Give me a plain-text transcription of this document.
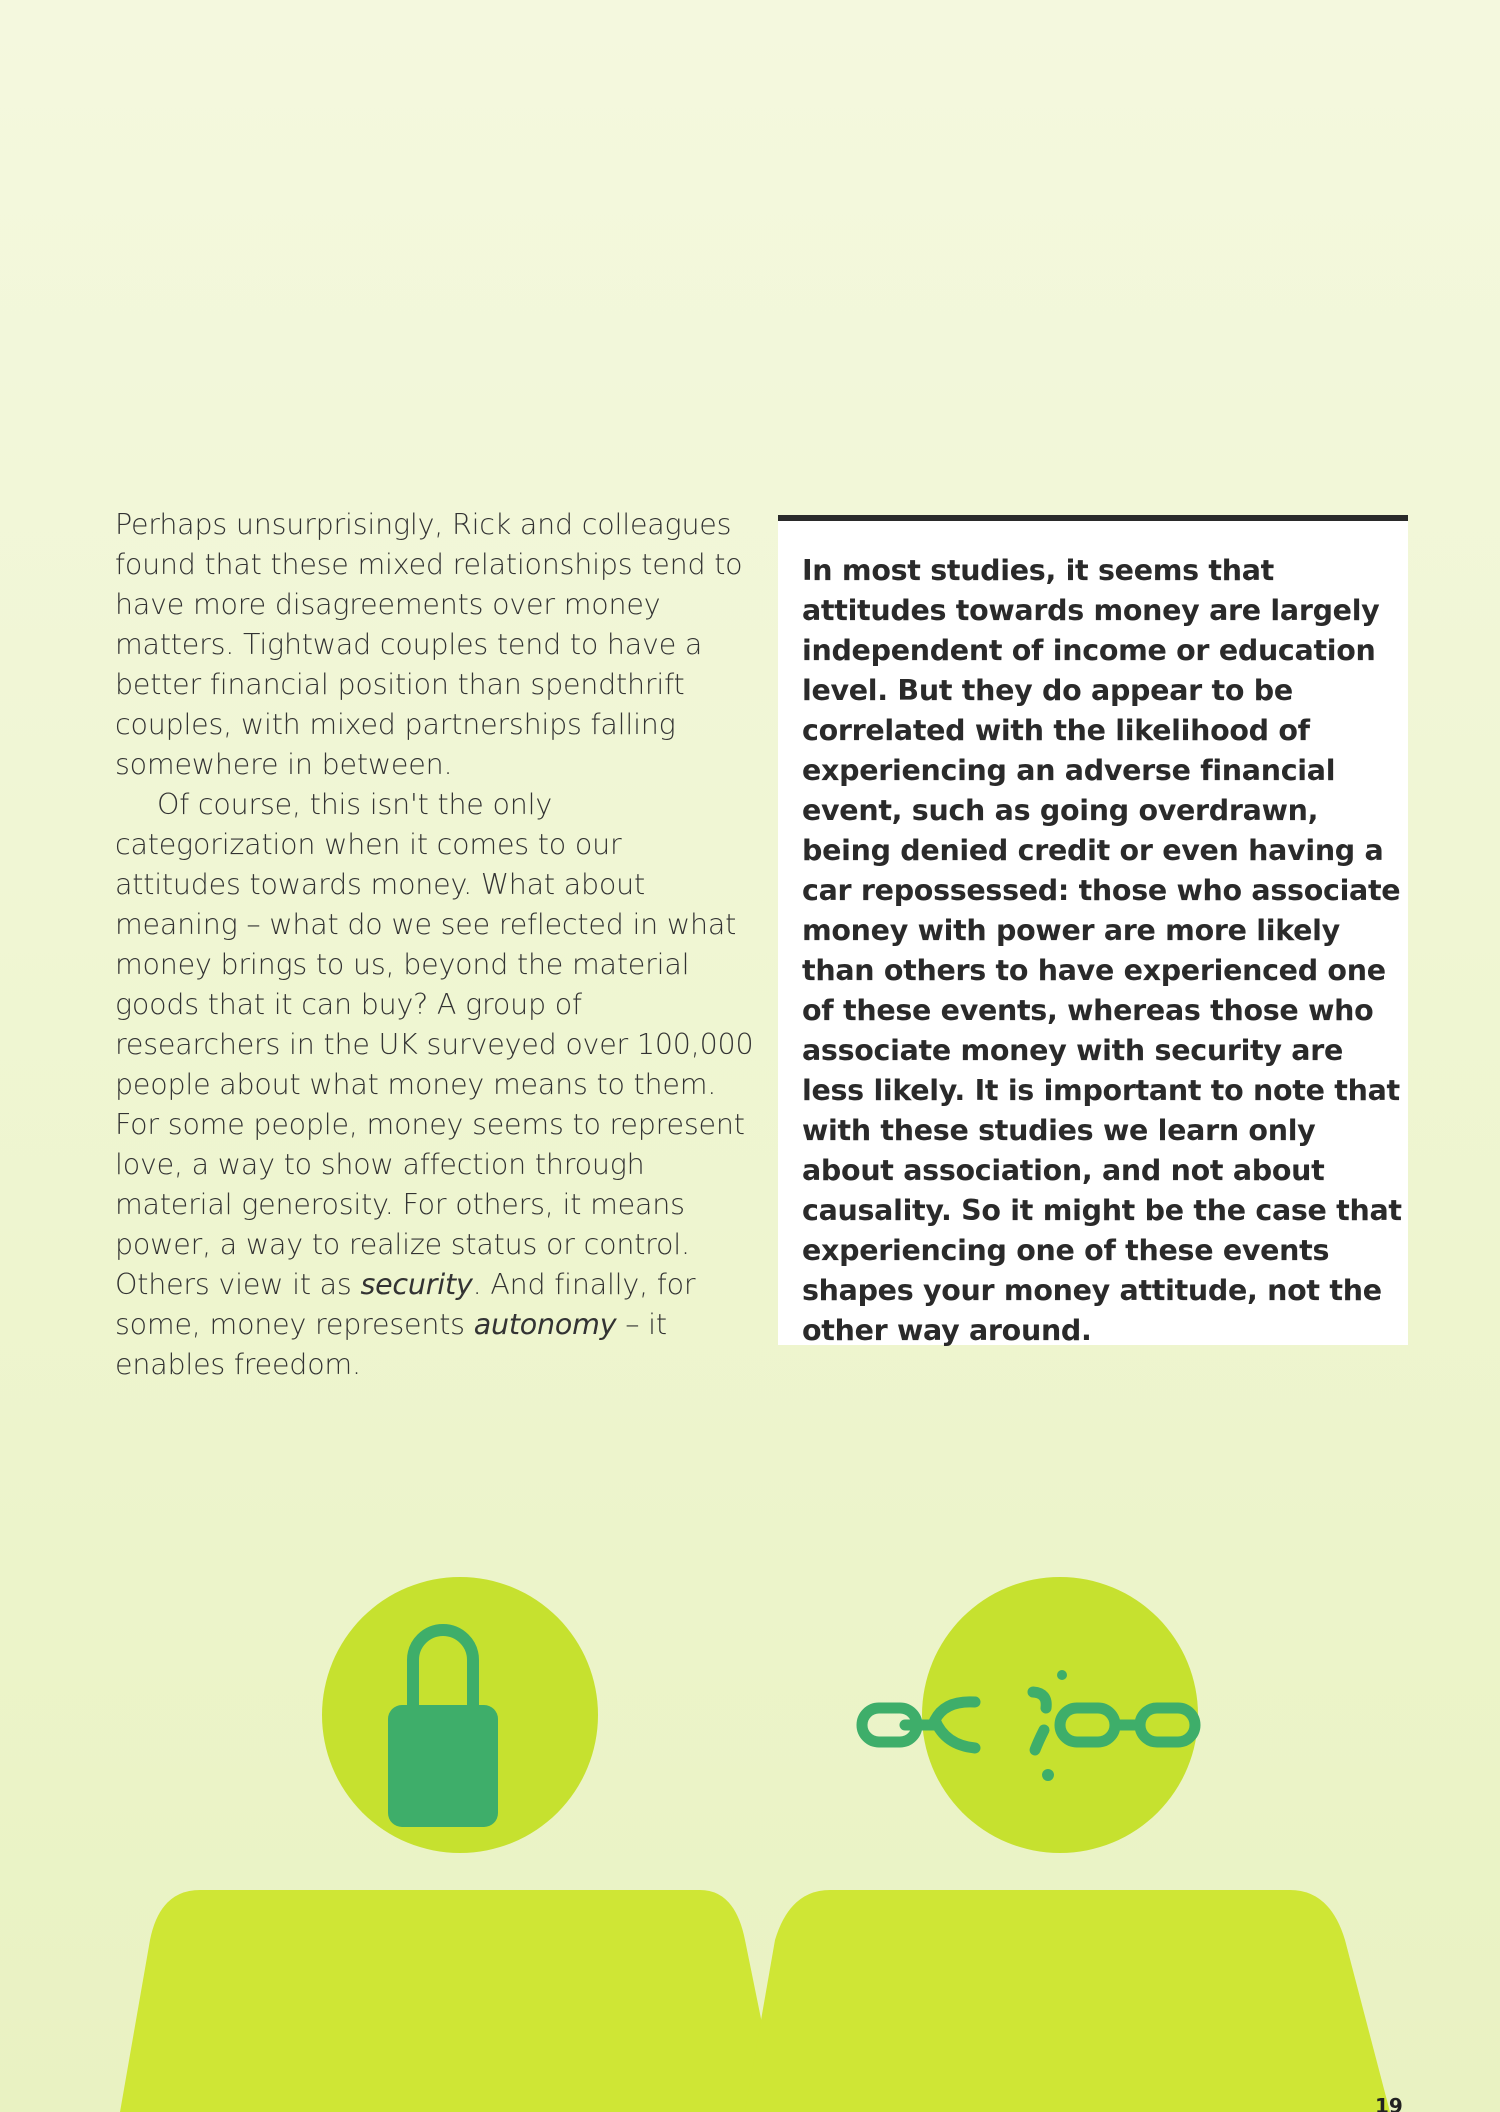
Perhaps unsurprisingly, Rick and colleagues found that these mixed relationships tend to have more disagreements over money matters. Tightwad couples tend to have a better financial position than spendthrift couples, with mixed partnerships falling somewhere in between.

Of course, this isn't the only categorization when it comes to our attitudes towards money. What about meaning – what do we see reflected in what money brings to us, beyond the material goods that it can buy? A group of researchers in the UK surveyed over 100,000 people about what money means to them. For some people, money seems to represent love, a way to show affection through material generosity. For others, it means power, a way to realize status or control. Others view it as security. And finally, for some, money represents autonomy – it enables freedom.

In most studies, it seems that attitudes towards money are largely independent of income or education level. But they do appear to be correlated with the likelihood of experiencing an adverse financial event, such as going overdrawn, being denied credit or even having a car repossessed: those who associate money with power are more likely than others to have experienced one of these events, whereas those who associate money with security are less likely. It is important to note that with these studies we learn only about association, and not about causality. So it might be the case that experiencing one of these events shapes your money attitude, not the other way around.

19
